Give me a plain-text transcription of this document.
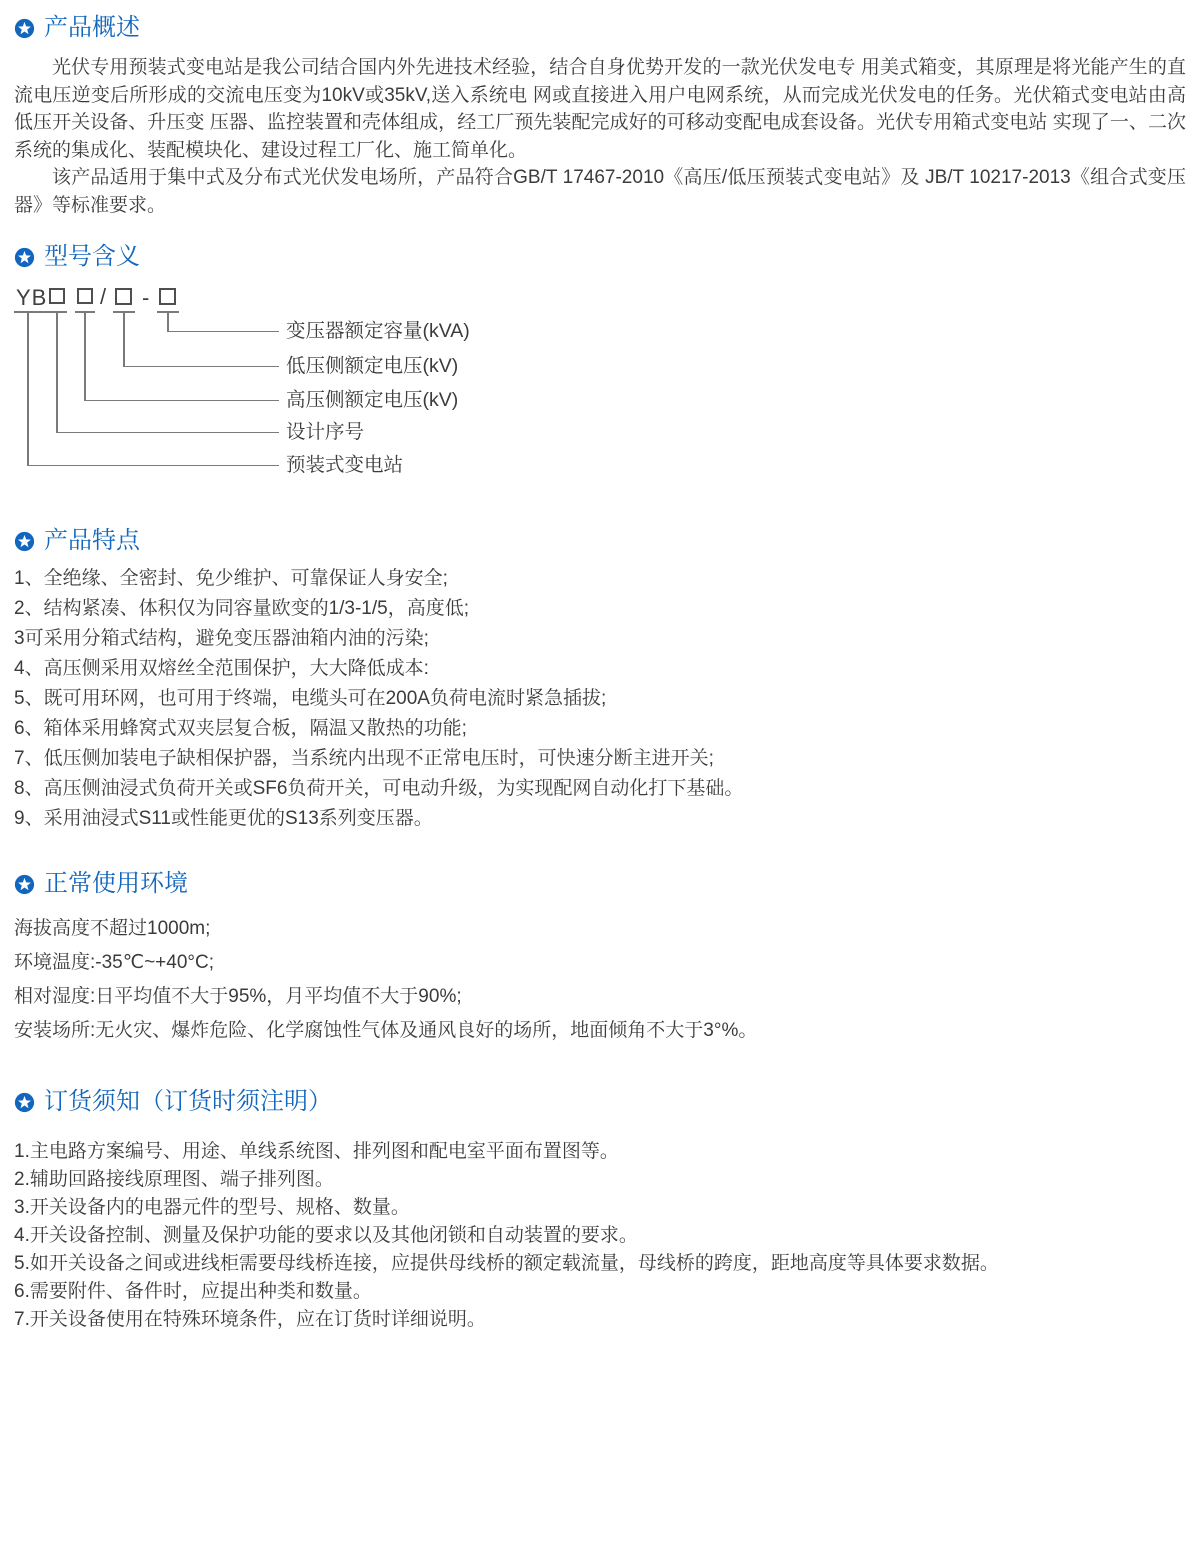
产品概述

光伏专用预装式变电站是我公司结合国内外先进技术经验，结合自身优势开发的一款光伏发电专 用美式箱变，其原理是将光能产生的直流电压逆变后所形成的交流电压变为10kV或35kV,送入系统电 网或直接进入用户电网系统，从而完成光伏发电的任务。光伏箱式变电站由高低压开关设备、升压变 压器、监控装置和壳体组成，经工厂预先装配完成好的可移动变配电成套设备。光伏专用箱式变电站 实现了一、二次系统的集成化、装配模块化、建设过程工厂化、施工简单化。

该产品适用于集中式及分布式光伏发电场所，产品符合GB/T 17467-2010《高压/低压预装式变电站》及 JB/T 10217-2013《组合式变压器》等标准要求。

型号含义
YB / -
变压器额定容量(kVA)
低压侧额定电压(kV)
高压侧额定电压(kV)
设计序号
预装式变电站
产品特点
1、全绝缘、全密封、免少维护、可靠保证人身安全;
2、结构紧凑、体积仅为同容量欧变的1/3-1/5，高度低;
3可采用分箱式结构，避免变压器油箱内油的污染;
4、高压侧采用双熔丝全范围保护，大大降低成本:
5、既可用环网，也可用于终端，电缆头可在200A负荷电流时紧急插拔;
6、箱体采用蜂窝式双夹层复合板，隔温又散热的功能;
7、低压侧加装电子缺相保护器，当系统内出现不正常电压时，可快速分断主进开关;
8、高压侧油浸式负荷开关或SF6负荷开关，可电动升级，为实现配网自动化打下基础。
9、采用油浸式S11或性能更优的S13系列变压器。
正常使用环境
海拔高度不超过1000m;
环境温度:-35℃~+40°C;
相对湿度:日平均值不大于95%，月平均值不大于90%;
安装场所:无火灾、爆炸危险、化学腐蚀性气体及通风良好的场所，地面倾角不大于3°%。
订货须知（订货时须注明）
1.主电路方案编号、用途、单线系统图、排列图和配电室平面布置图等。
2.辅助回路接线原理图、端子排列图。
3.开关设备内的电器元件的型号、规格、数量。
4.开关设备控制、测量及保护功能的要求以及其他闭锁和自动装置的要求。
5.如开关设备之间或进线柜需要母线桥连接，应提供母线桥的额定载流量，母线桥的跨度，距地高度等具体要求数据。
6.需要附件、备件时，应提出种类和数量。
7.开关设备使用在特殊环境条件，应在订货时详细说明。
